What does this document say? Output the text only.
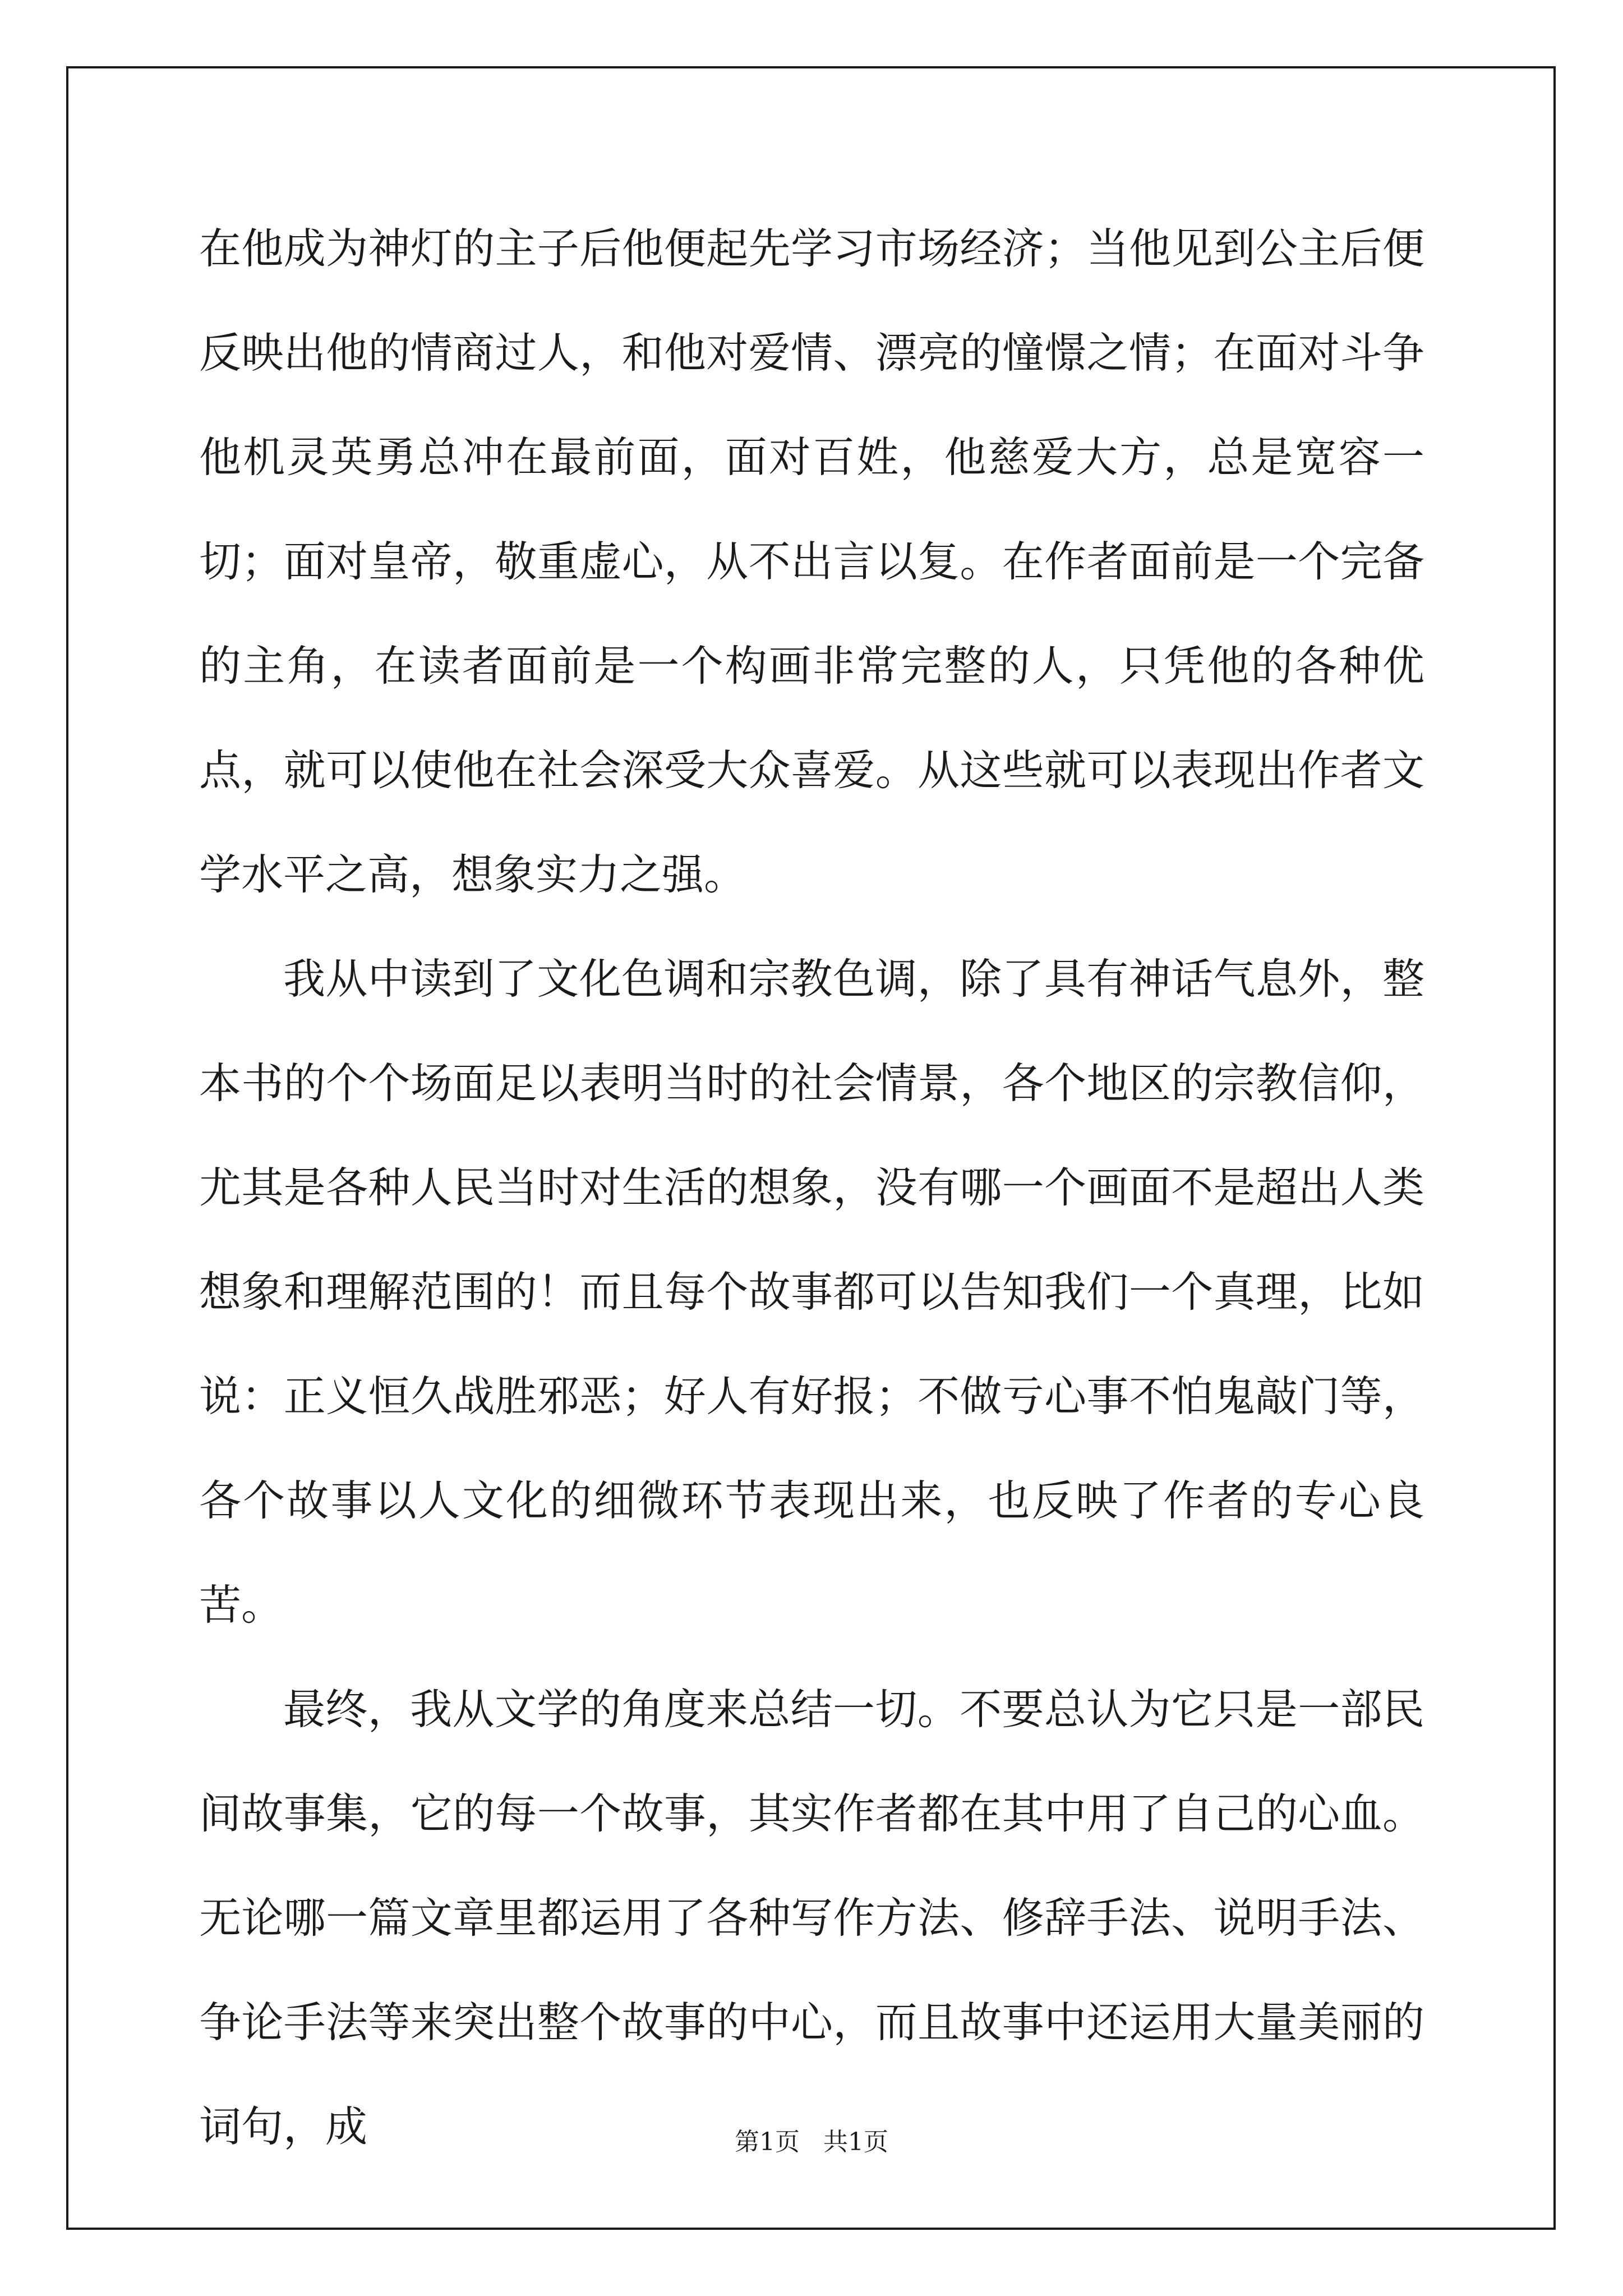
在他成为神灯的主子后他便起先学习市场经济；当他见到公主后便反映出他的情商过人，和他对爱情、漂亮的憧憬之情；在面对斗争他机灵英勇总冲在最前面，面对百姓，他慈爱大方，总是宽容一切；面对皇帝，敬重虚心，从不出言以复。在作者面前是一个完备的主角，在读者面前是一个构画非常完整的人，只凭他的各种优点，就可以使他在社会深受大众喜爱。从这些就可以表现出作者文学水平之高，想象实力之强。

我从中读到了文化色调和宗教色调，除了具有神话气息外，整本书的个个场面足以表明当时的社会情景，各个地区的宗教信仰，尤其是各种人民当时对生活的想象，没有哪一个画面不是超出人类想象和理解范围的！而且每个故事都可以告知我们一个真理，比如说：正义恒久战胜邪恶；好人有好报；不做亏心事不怕鬼敲门等，各个故事以人文化的细微环节表现出来，也反映了作者的专心良苦。

最终，我从文学的角度来总结一切。不要总认为它只是一部民间故事集，它的每一个故事，其实作者都在其中用了自己的心血。无论哪一篇文章里都运用了各种写作方法、修辞手法、说明手法、争论手法等来突出整个故事的中心，而且故事中还运用大量美丽的词句，成	第1页 共1页
